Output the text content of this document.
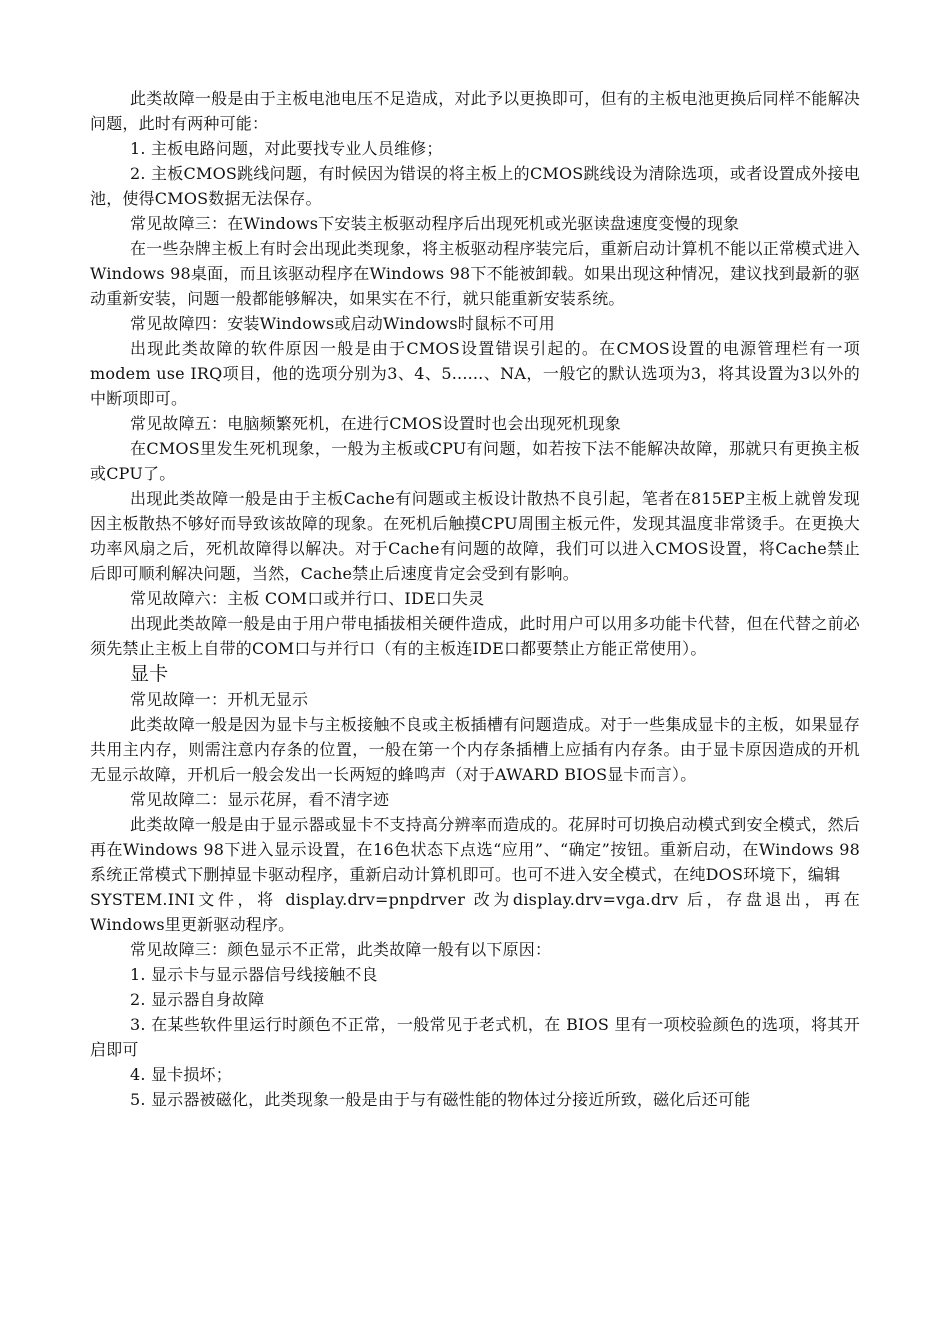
此类故障一般是由于主板电池电压不足造成，对此予以更换即可，但有的主板电池更换后同样不能解决问题，此时有两种可能：

1. 主板电路问题，对此要找专业人员维修；

2. 主板CMOS跳线问题，有时候因为错误的将主板上的CMOS跳线设为清除选项，或者设置成外接电池，使得CMOS数据无法保存。

常见故障三：在Windows下安装主板驱动程序后出现死机或光驱读盘速度变慢的现象

在一些杂牌主板上有时会出现此类现象，将主板驱动程序装完后，重新启动计算机不能以正常模式进入Windows 98桌面，而且该驱动程序在Windows 98下不能被卸载。如果出现这种情况，建议找到最新的驱动重新安装，问题一般都能够解决，如果实在不行，就只能重新安装系统。

常见故障四：安装Windows或启动Windows时鼠标不可用

出现此类故障的软件原因一般是由于CMOS设置错误引起的。在CMOS设置的电源管理栏有一项modem use IRQ项目，他的选项分别为3、4、5......、NA，一般它的默认选项为3，将其设置为3以外的中断项即可。

常见故障五：电脑频繁死机，在进行CMOS设置时也会出现死机现象

在CMOS里发生死机现象，一般为主板或CPU有问题，如若按下法不能解决故障，那就只有更换主板或CPU了。

出现此类故障一般是由于主板Cache有问题或主板设计散热不良引起，笔者在815EP主板上就曾发现因主板散热不够好而导致该故障的现象。在死机后触摸CPU周围主板元件，发现其温度非常烫手。在更换大功率风扇之后，死机故障得以解决。对于Cache有问题的故障，我们可以进入CMOS设置，将Cache禁止后即可顺利解决问题，当然，Cache禁止后速度肯定会受到有影响。

常见故障六：主板 COM口或并行口、IDE口失灵

出现此类故障一般是由于用户带电插拔相关硬件造成，此时用户可以用多功能卡代替，但在代替之前必须先禁止主板上自带的COM口与并行口（有的主板连IDE口都要禁止方能正常使用）。

显卡

常见故障一：开机无显示

此类故障一般是因为显卡与主板接触不良或主板插槽有问题造成。对于一些集成显卡的主板，如果显存共用主内存，则需注意内存条的位置，一般在第一个内存条插槽上应插有内存条。由于显卡原因造成的开机无显示故障，开机后一般会发出一长两短的蜂鸣声（对于AWARD BIOS显卡而言）。

常见故障二：显示花屏，看不清字迹

此类故障一般是由于显示器或显卡不支持高分辨率而造成的。花屏时可切换启动模式到安全模式，然后再在Windows 98下进入显示设置，在16色状态下点选“应用”、“确定”按钮。重新启动，在Windows 98系统正常模式下删掉显卡驱动程序，重新启动计算机即可。也可不进入安全模式，在纯DOS环境下，编辑

SYSTEM.INI文件，将 display.drv=pnpdrver 改为display.drv=vga.drv 后，存盘退出，再在Windows里更新驱动程序。

常见故障三：颜色显示不正常，此类故障一般有以下原因：

1. 显示卡与显示器信号线接触不良

2. 显示器自身故障

3. 在某些软件里运行时颜色不正常，一般常见于老式机，在 BIOS 里有一项校验颜色的选项，将其开启即可

4. 显卡损坏；

5. 显示器被磁化，此类现象一般是由于与有磁性能的物体过分接近所致，磁化后还可能
